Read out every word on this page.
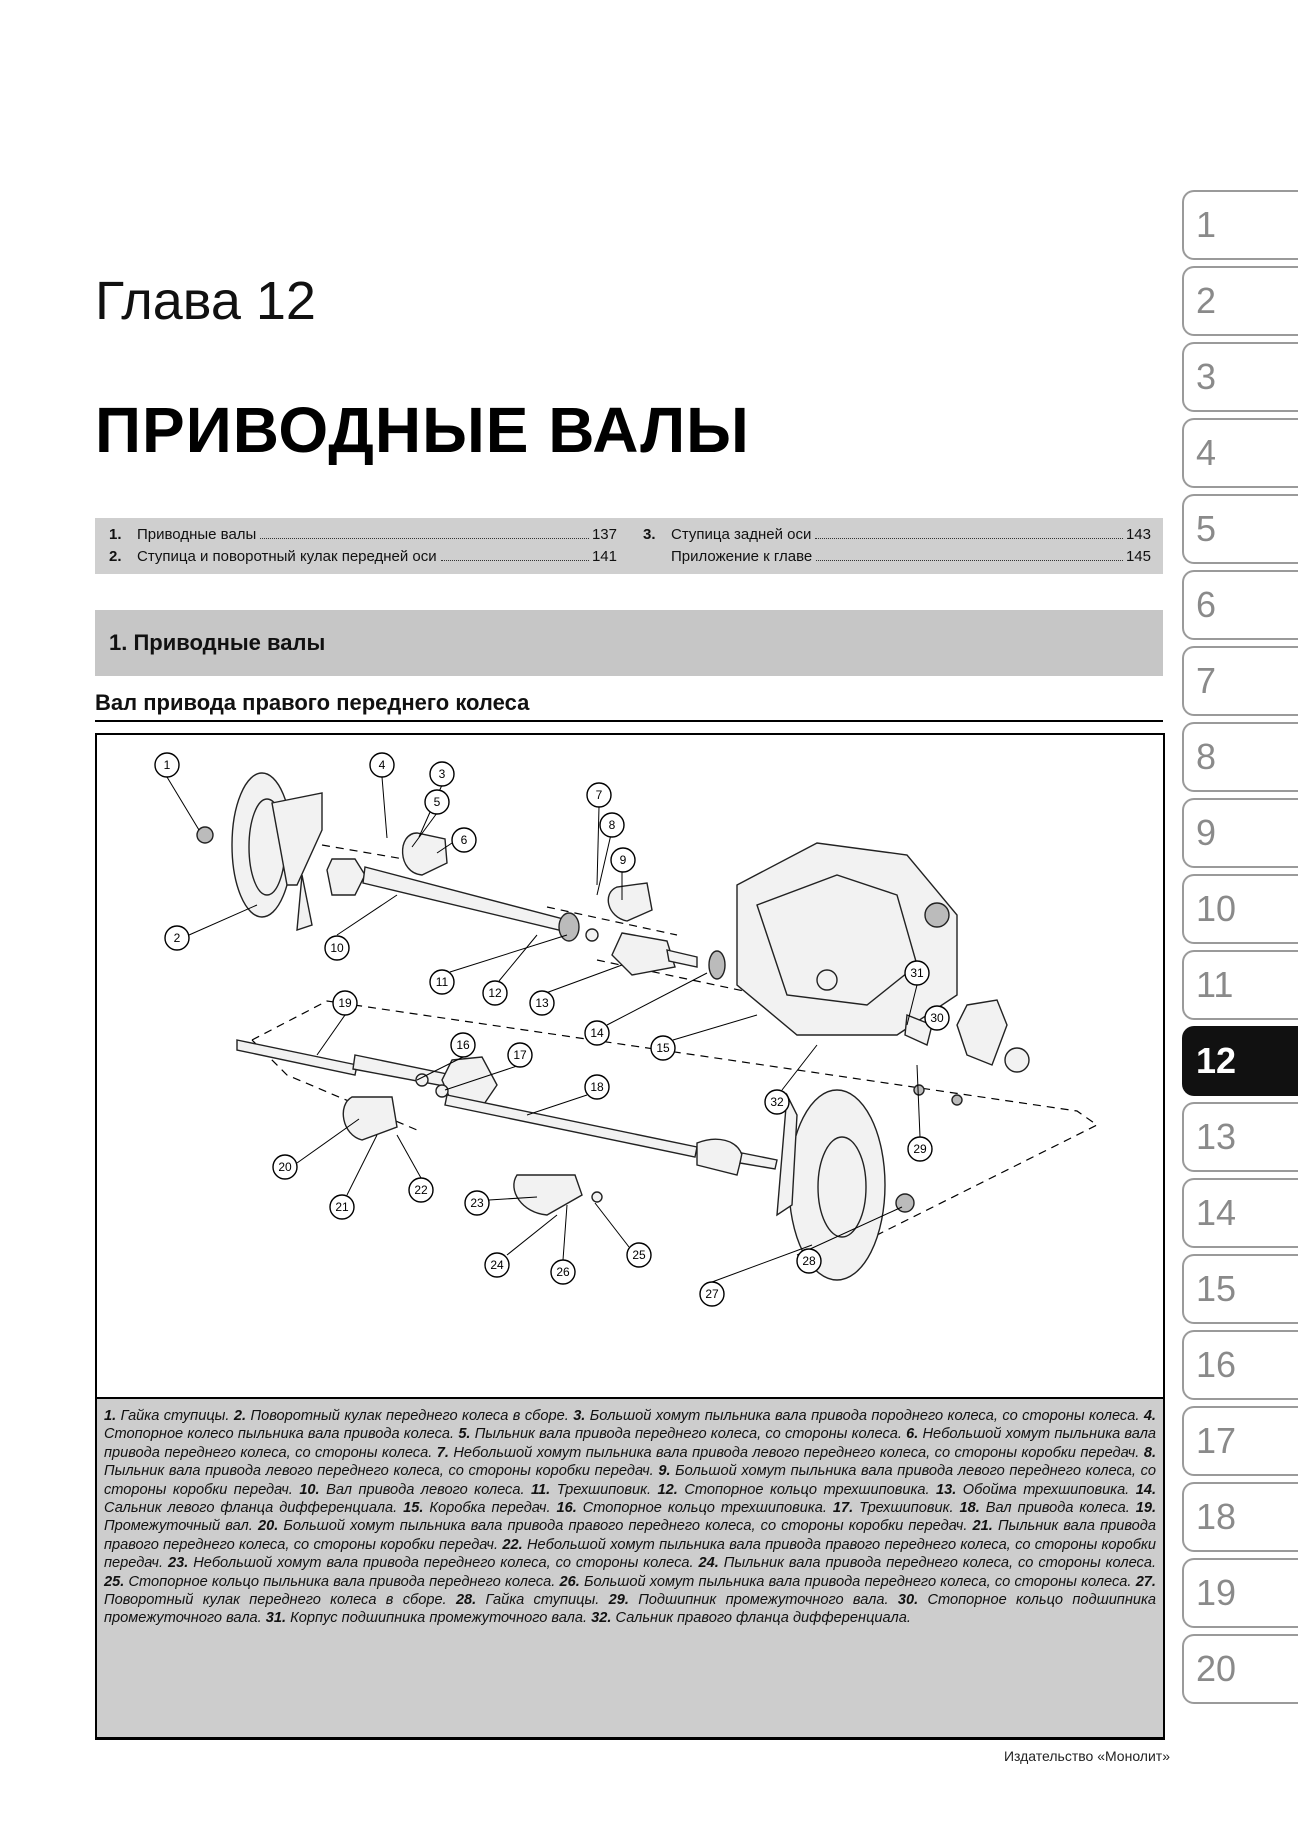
Глава 12
ПРИВОДНЫЕ ВАЛЫ
1.	Приводные валы	137
2.	Ступица и поворотный кулак передней оси	141
3.	Ступица задней оси	143
Приложение к главе	145
1. Приводные валы
Вал привода правого переднего колеса
1
2
3
4
5
6
7
8
9
10
11
12
13
14
15
16
17
18
19
20
21
22
23
24
25
26
27
28
29
30
31
32
1. Гайка ступицы. 2. Поворотный кулак переднего колеса в сборе. 3. Большой хомут пыльника вала привода породнего колеса, со стороны колеса. 4. Стопорное колесо пыльника вала привода колеса. 5. Пыльник вала привода переднего колеса, со стороны колеса. 6. Небольшой хомут пыльника вала привода переднего колеса, со стороны колеса. 7. Небольшой хомут пыльника вала привода левого переднего колеса, со стороны коробки передач. 8. Пыльник вала привода левого переднего колеса, со стороны коробки передач. 9. Большой хомут пыльника вала привода левого переднего колеса, со стороны коробки передач. 10. Вал привода левого колеса. 11. Трехшиповик. 12. Стопорное кольцо трехшиповика. 13. Обойма трехшиповика. 14. Сальник левого фланца дифференциала. 15. Коробка передач. 16. Стопорное кольцо трехшиповика. 17. Трехшиповик. 18. Вал привода колеса. 19. Промежуточный вал. 20. Большой хомут пыльника вала привода правого переднего колеса, со стороны коробки передач. 21. Пыльник вала привода правого переднего колеса, со стороны коробки передач. 22. Небольшой хомут пыльника вала привода правого переднего колеса, со стороны коробки передач. 23. Небольшой хомут вала привода переднего колеса, со стороны колеса. 24. Пыльник вала привода переднего колеса, со стороны колеса. 25. Стопорное кольцо пыльника вала привода переднего колеса. 26. Большой хомут пыльника вала привода переднего колеса, со стороны колеса. 27. Поворотный кулак переднего колеса в сборе. 28. Гайка ступицы. 29. Подшипник промежуточного вала. 30. Стопорное кольцо подшипника промежуточного вала. 31. Корпус подшипника промежуточного вала. 32. Сальник правого фланца дифференциала.
Издательство «Монолит»
1
2
3
4
5
6
7
8
9
10
11
12
13
14
15
16
17
18
19
20
